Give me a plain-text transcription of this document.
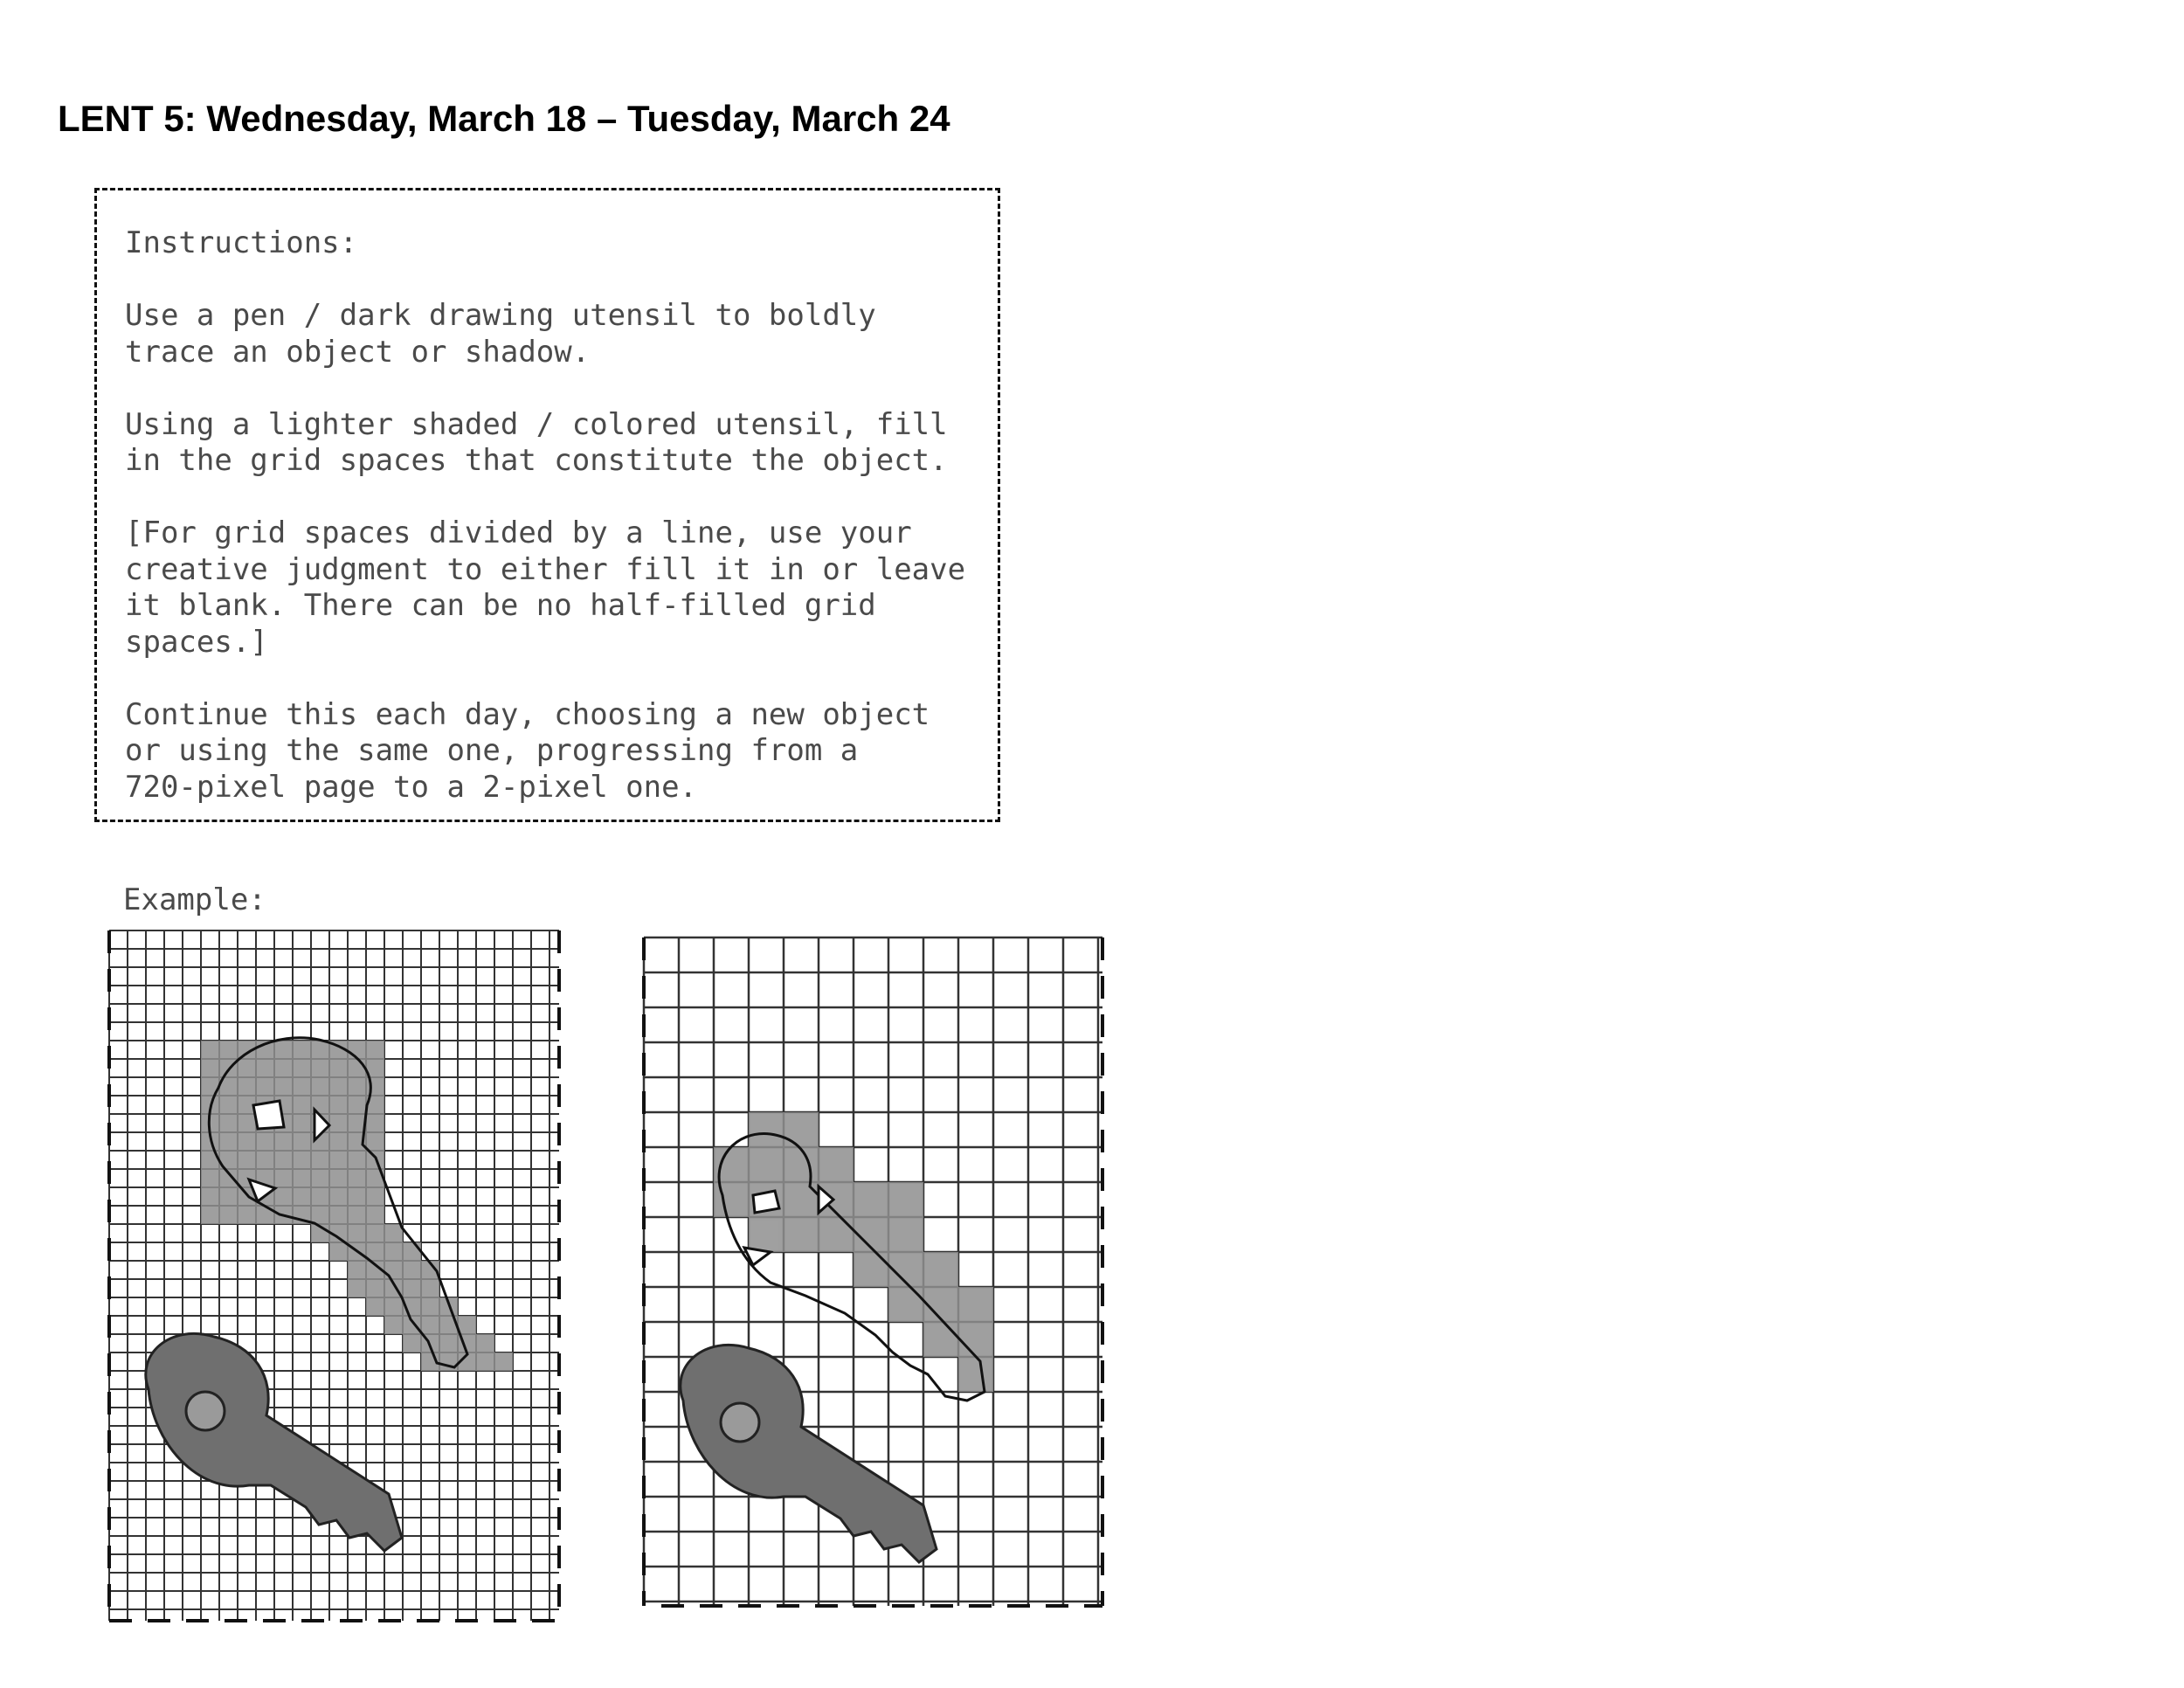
LENT 5: Wednesday, March 18 – Tuesday, March 24

Instructions:

Use a pen / dark drawing utensil to boldly
trace an object or shadow.

Using a lighter shaded / colored utensil, fill
in the grid spaces that constitute the object.

[For grid spaces divided by a line, use your
creative judgment to either fill it in or leave
it blank. There can be no half-filled grid
spaces.]

Continue this each day, choosing a new object
or using the same one, progressing from a
720-pixel page to a 2-pixel one.

Example:
